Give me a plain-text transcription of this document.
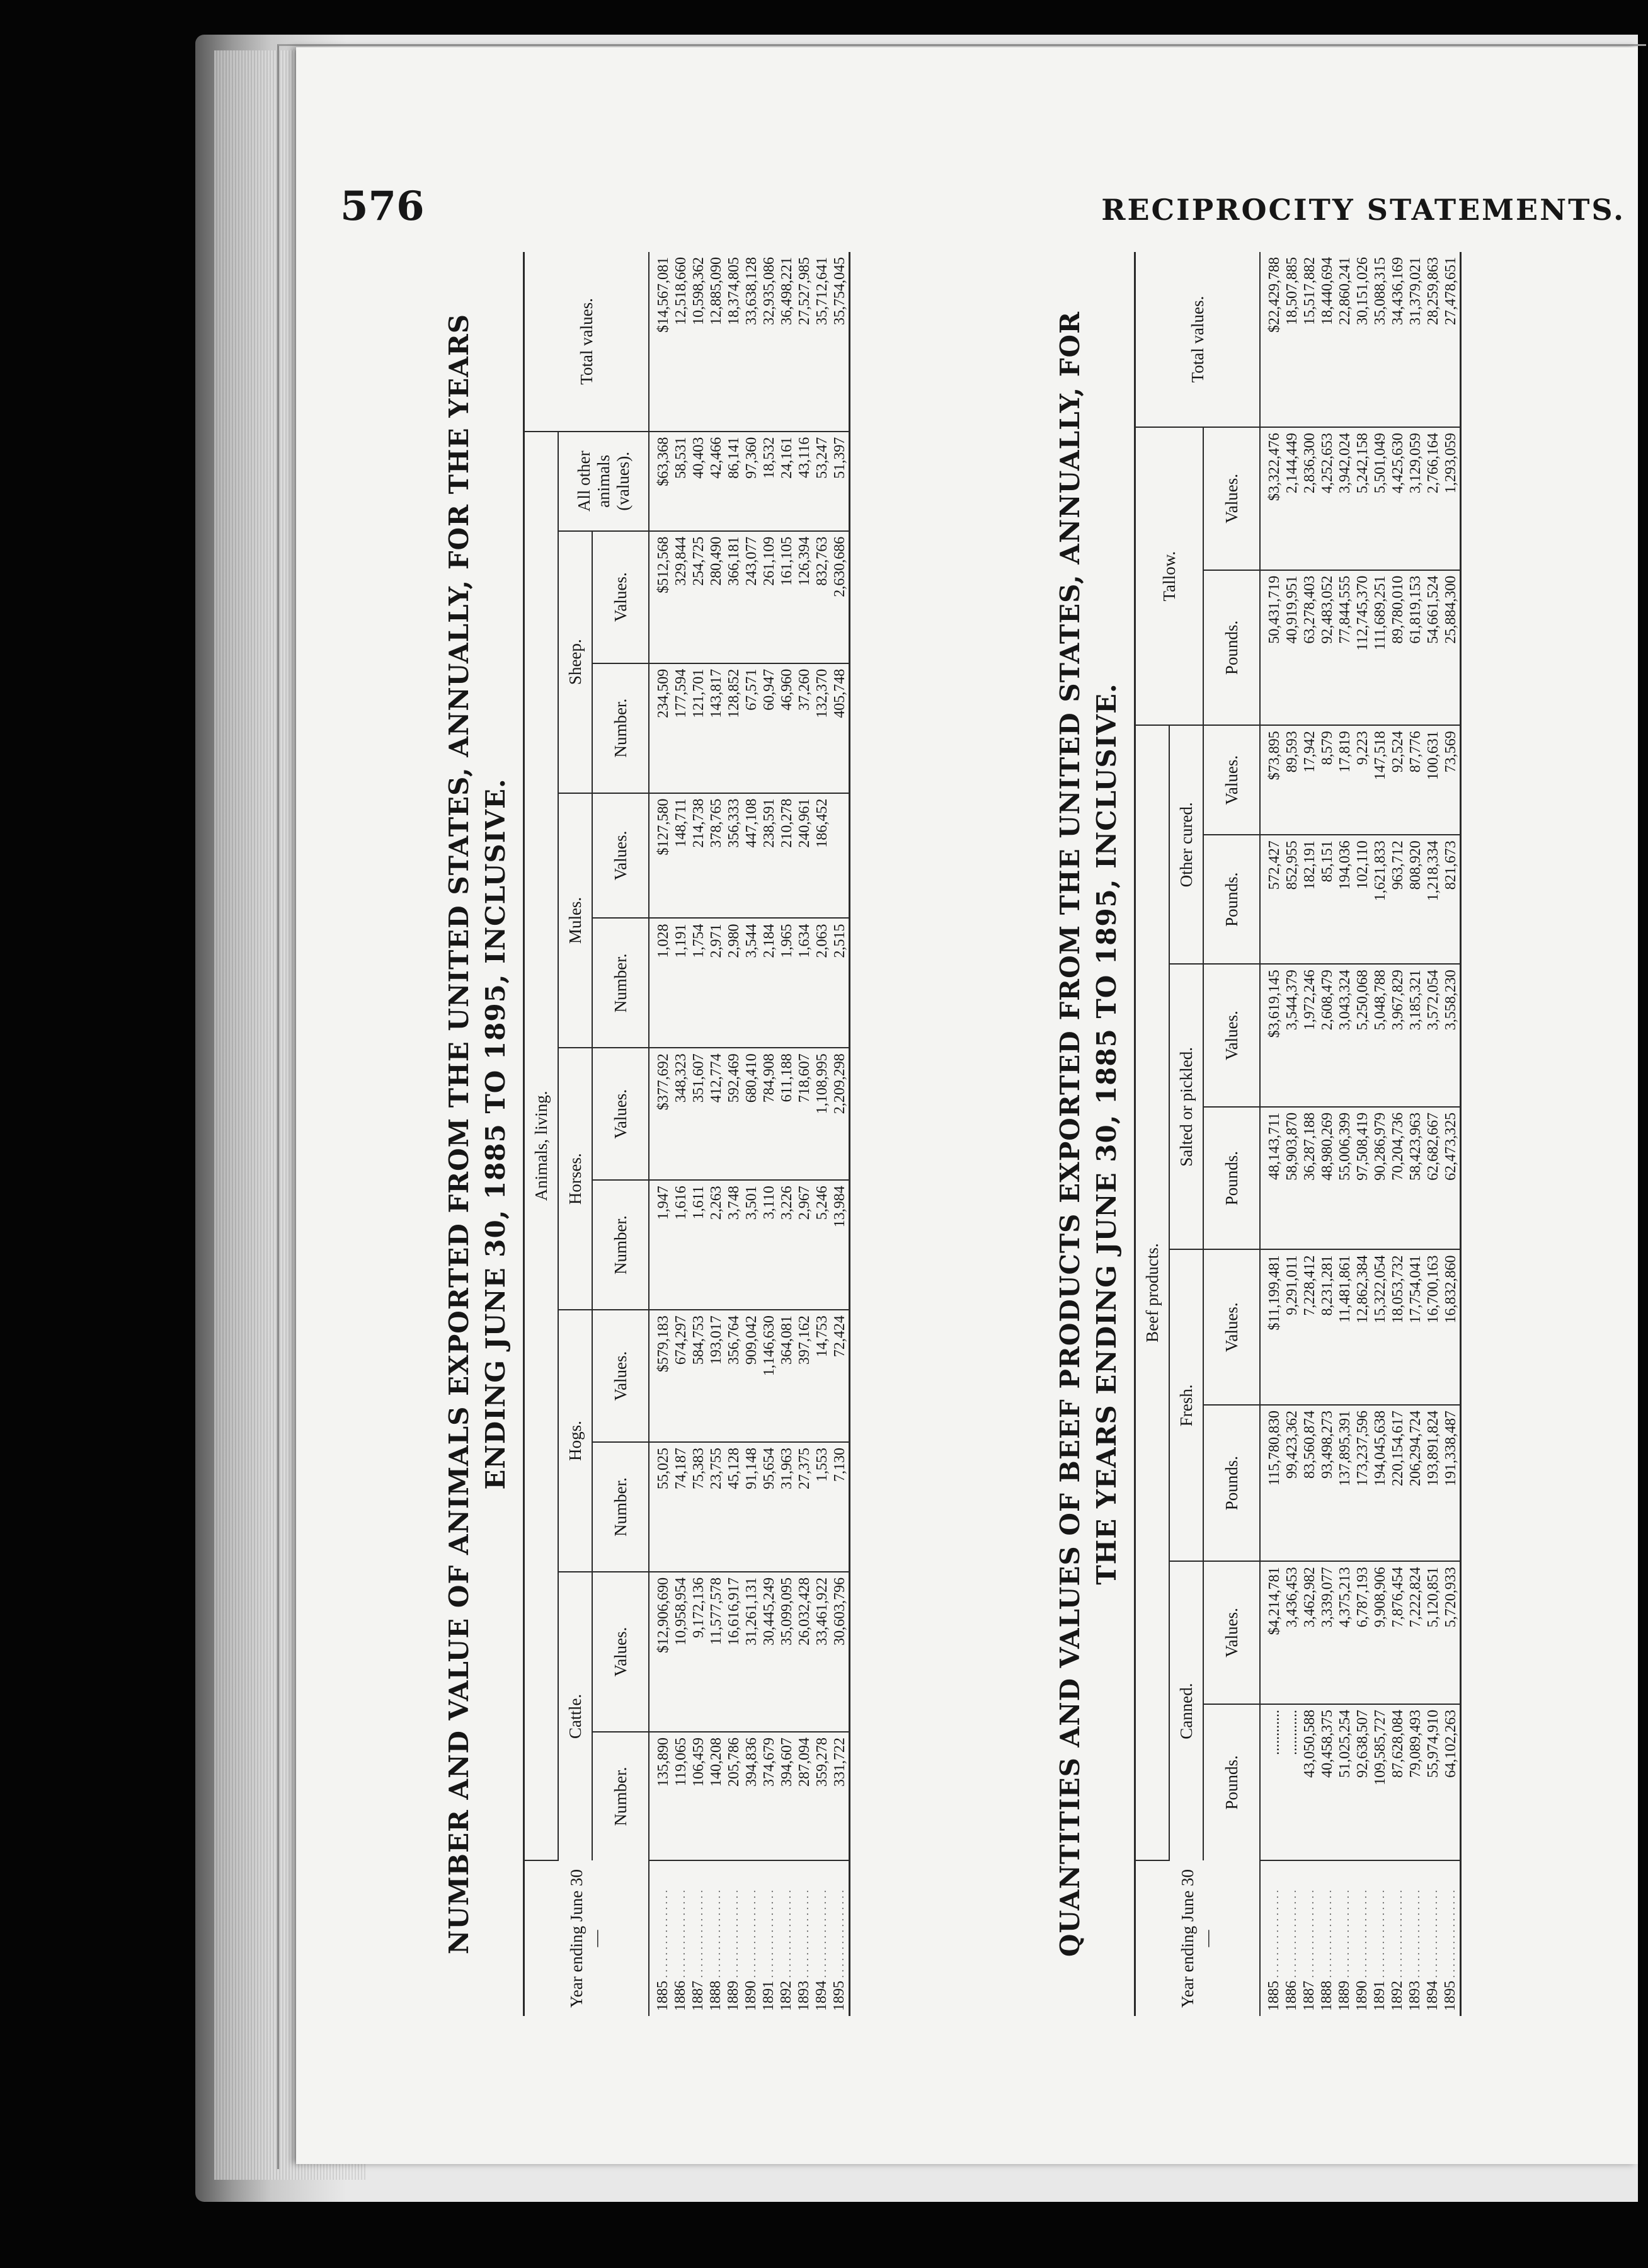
576	RECIPROCITY STATEMENTS.
NUMBER AND VALUE OF ANIMALS EXPORTED FROM THE UNITED STATES, ANNUALLY, FOR THE YEARS ENDING JUNE 30, 1885 TO 1895, INCLUSIVE.
Year ending June 30—	Animals, living.											Total values.
	Cattle.		Hogs.		Horses.		Mules.		Sheep.		All other animals (values).	
	Number.	Values.	Number.	Values.	Number.	Values.	Number.	Values.	Number.	Values.		
1885 . . .	135,890	$12,906,690	55,025	$579,183	1,947	$377,692	1,028	$127,580	234,509	$512,568	$63,368	$14,567,081
1886 . . .	119,065	10,958,954	74,187	674,297	1,616	348,323	1,191	148,711	177,594	329,844	58,531	12,518,660
1887 . . .	106,459	9,172,136	75,383	584,753	1,611	351,607	1,754	214,738	121,701	254,725	40,403	10,598,362
1888 . . .	140,208	11,577,578	23,755	193,017	2,263	412,774	2,971	378,765	143,817	280,490	42,466	12,885,090
1889 . . .	205,786	16,616,917	45,128	356,764	3,748	592,469	2,980	356,333	128,852	366,181	86,141	18,374,805
1890 . . .	394,836	31,261,131	91,148	909,042	3,501	680,410	3,544	447,108	67,571	243,077	97,360	33,638,128
1891 . . .	374,679	30,445,249	95,654	1,146,630	3,110	784,908	2,184	238,591	60,947	261,109	18,532	32,935,086
1892 . . .	394,607	35,099,095	31,963	364,081	3,226	611,188	1,965	210,278	46,960	161,105	24,161	36,498,221
1893 . . .	287,094	26,032,428	27,375	397,162	2,967	718,607	1,634	240,961	37,260	126,394	43,116	27,527,985
1894 . . .	359,278	33,461,922	1,553	14,753	5,246	1,108,995	2,063	186,452	132,370	832,763	53,247	35,712,641
1895 . . .	331,722	30,603,796	7,130	72,424	13,984	2,209,298	2,515		405,748	2,630,686	51,397	35,754,045
QUANTITIES AND VALUES OF BEEF PRODUCTS EXPORTED FROM THE UNITED STATES, ANNUALLY, FOR THE YEARS ENDING JUNE 30, 1885 TO 1895, INCLUSIVE.
Year ending June 30—	Beef products.								Tallow.		Total values.
	Canned.		Fresh.		Salted or pickled.		Other cured.				
	Pounds.	Values.	Pounds.	Values.	Pounds.	Values.	Pounds.	Values.	Pounds.	Values.	
1885 . . .	............	$4,214,781	115,780,830	$11,199,481	48,143,711	$3,619,145	572,427	$73,895	50,431,719	$3,322,476	$22,429,788
1886 . . .	............	3,436,453	99,423,362	9,291,011	58,903,870	3,544,379	852,955	89,593	40,919,951	2,144,449	18,507,885
1887 . . .	43,050,588	3,462,982	83,560,874	7,228,412	36,287,188	1,972,246	182,191	17,942	63,278,403	2,836,300	15,517,882
1888 . . .	40,458,375	3,339,077	93,498,273	8,231,281	48,980,269	2,608,479	85,151	8,579	92,483,052	4,252,653	18,440,694
1889 . . .	51,025,254	4,375,213	137,895,391	11,481,861	55,006,399	3,043,324	194,036	17,819	77,844,555	3,942,024	22,860,241
1890 . . .	92,638,507	6,787,193	173,237,596	12,862,384	97,508,419	5,250,068	102,110	9,223	112,745,370	5,242,158	30,151,026
1891 . . .	109,585,727	9,908,906	194,045,638	15,322,054	90,286,979	5,048,788	1,621,833	147,518	111,689,251	5,501,049	35,088,315
1892 . . .	87,628,084	7,876,454	220,154,617	18,053,732	70,204,736	3,967,829	963,712	92,524	89,780,010	4,425,630	34,436,169
1893 . . .	79,089,493	7,222,824	206,294,724	17,754,041	58,423,963	3,185,321	808,920	87,776	61,819,153	3,129,059	31,379,021
1894 . . .	55,974,910	5,120,851	193,891,824	16,700,163	62,682,667	3,572,054	1,218,334	100,631	54,661,524	2,766,164	28,259,863
1895 . . .	64,102,263	5,720,933	191,338,487	16,832,860	62,473,325	3,558,230	821,673	73,569	25,884,300	1,293,059	27,478,651
